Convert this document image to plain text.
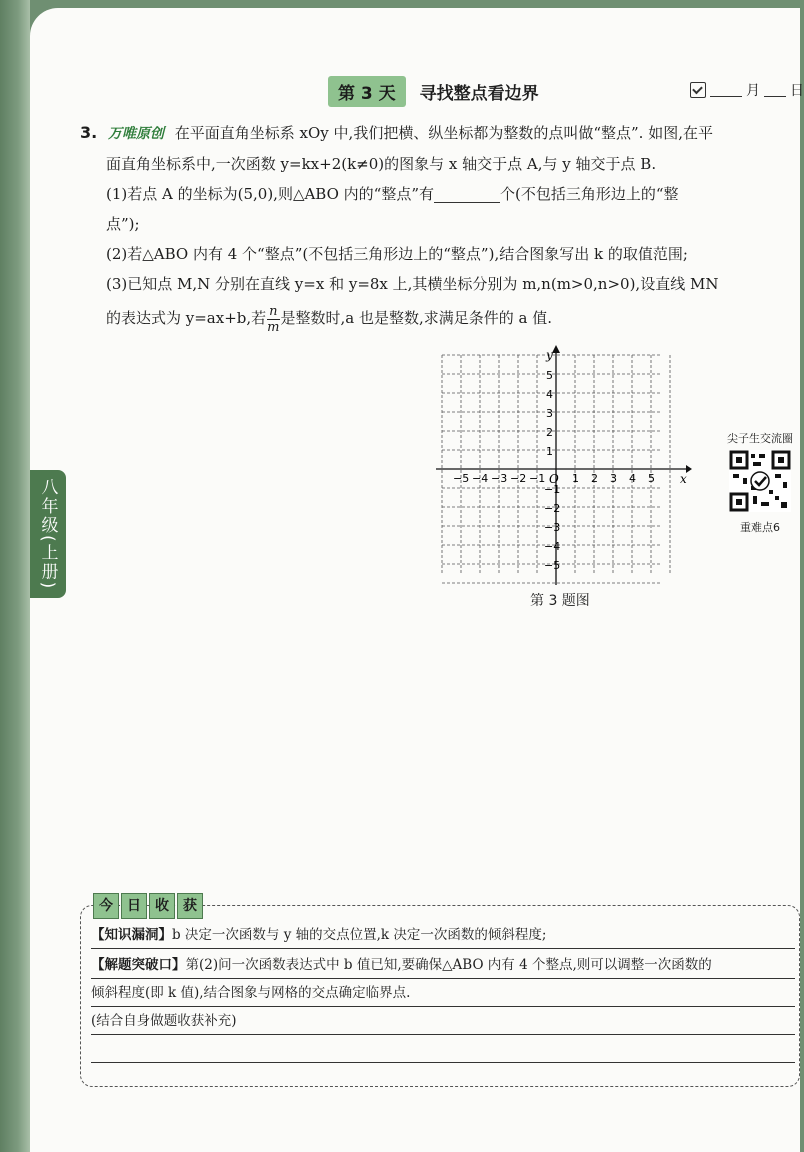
八年级(上册)
第 3 天	寻找整点看边界	月 日
3. 万唯原创 在平面直角坐标系 xOy 中,我们把横、纵坐标都为整数的点叫做“整点”. 如图,在平
面直角坐标系中,一次函数 y=kx+2(k≠0)的图象与 x 轴交于点 A,与 y 轴交于点 B.
(1)若点 A 的坐标为(5,0),则△ABO 内的“整点”有	个(不包括三角形边上的“整
点”);
(2)若△ABO 内有 4 个“整点”(不包括三角形边上的“整点”),结合图象写出 k 的取值范围;
(3)已知点 M,N 分别在直线 y=x 和 y=8x 上,其横坐标分别为 m,n(m>0,n>0),设直线 MN
的表达式为 y=ax+b,若 $\frac{n}{m}$ 是整数时,a 也是整数,求满足条件的 a 值.
−5 −4 −3 −2 −1 1 2 3 4 5
5
4
3
2
1
−1
−2
−3
−4
−5
x
y
O
第 3 题图
尖子生交流圈
重难点6
今	日	收	获
【知识漏洞】b 决定一次函数与 y 轴的交点位置,k 决定一次函数的倾斜程度;
【解题突破口】第(2)问一次函数表达式中 b 值已知,要确保△ABO 内有 4 个整点,则可以调整一次函数的
倾斜程度(即 k 值),结合图象与网格的交点确定临界点.
(结合自身做题收获补充)
